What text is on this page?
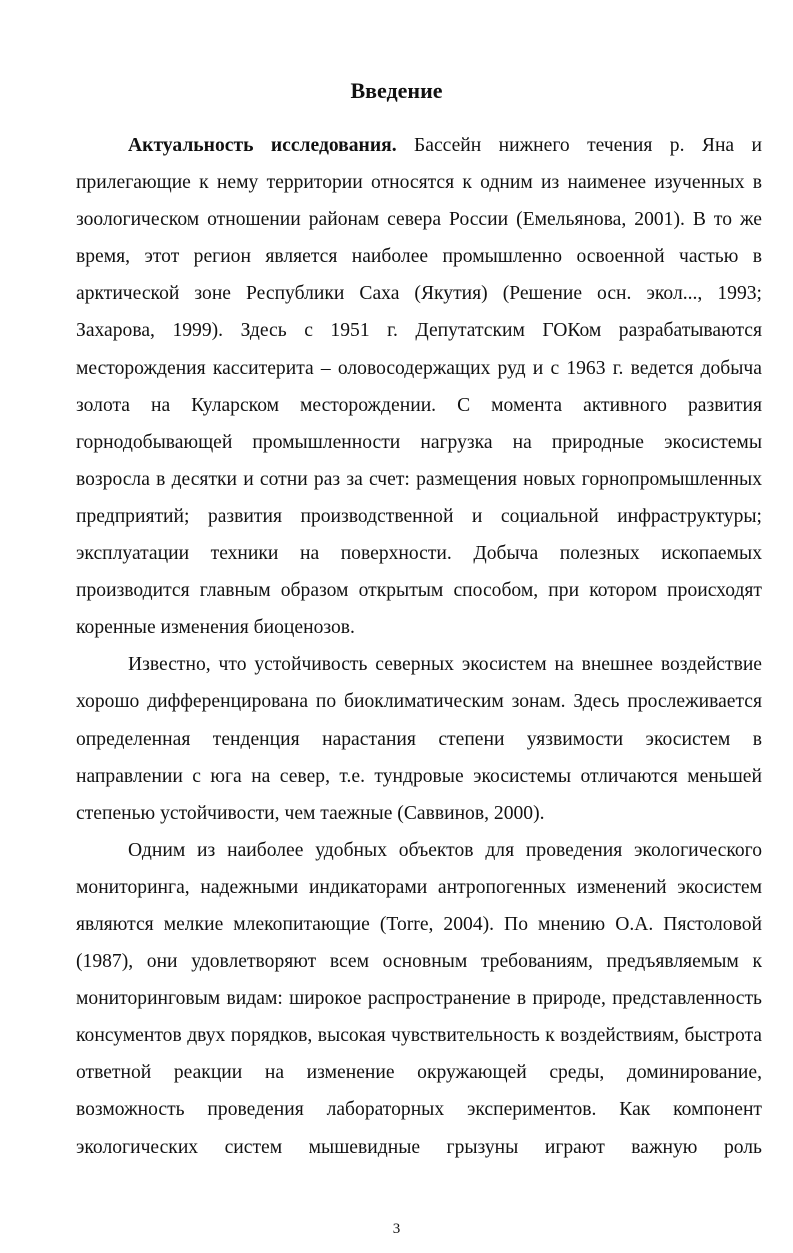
Введение

Актуальность исследования. Бассейн нижнего течения р. Яна и прилегающие к нему территории относятся к одним из наименее изученных в зоологическом отношении районам севера России (Емельянова, 2001). В то же время, этот регион является наиболее промышленно освоенной частью в арктической зоне Республики Саха (Якутия) (Решение осн. экол..., 1993; Захарова, 1999). Здесь с 1951 г. Депутатским ГОКом разрабатываются месторождения касситерита – оловосодержащих руд и с 1963 г. ведется добыча золота на Куларском месторождении. С момента активного развития горнодобывающей промышленности нагрузка на природные экосистемы возросла в десятки и сотни раз за счет: размещения новых горнопромышленных предприятий; развития производственной и социальной инфраструктуры; эксплуатации техники на поверхности. Добыча полезных ископаемых производится главным образом открытым способом, при котором происходят коренные изменения биоценозов.

Известно, что устойчивость северных экосистем на внешнее воздействие хорошо дифференцирована по биоклиматическим зонам. Здесь прослеживается определенная тенденция нарастания степени уязвимости экосистем в направлении с юга на север, т.е. тундровые экосистемы отличаются меньшей степенью устойчивости, чем таежные (Саввинов, 2000).

Одним из наиболее удобных объектов для проведения экологического мониторинга, надежными индикаторами антропогенных изменений экосистем являются мелкие млекопитающие (Torre, 2004). По мнению О.А. Пястоловой (1987), они удовлетворяют всем основным требованиям, предъявляемым к мониторинговым видам: широкое распространение в природе, представленность консументов двух порядков, высокая чувствительность к воздействиям, быстрота ответной реакции на изменение окружающей среды, доминирование, возможность проведения лабораторных экспериментов. Как компонент экологических систем мышевидные грызуны играют важную роль

3
